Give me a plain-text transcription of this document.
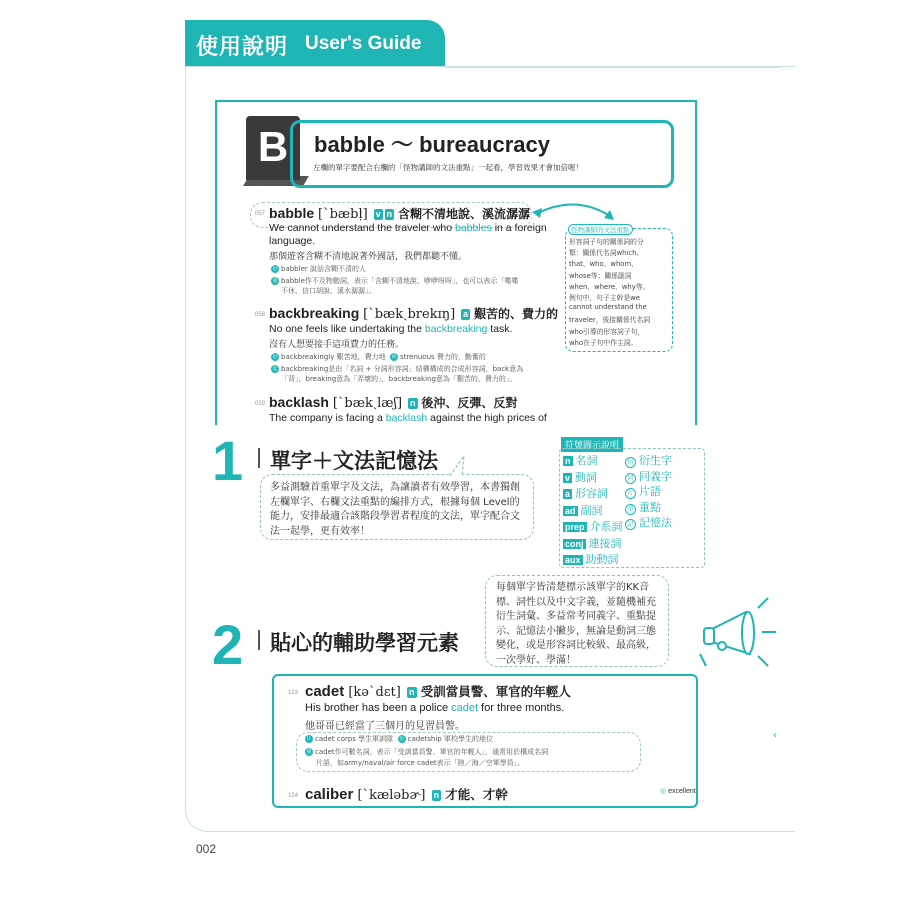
使用說明 User's Guide
B	babble ～ bureaucracy
左欄的單字要配合右欄的「怪物講師的文法重點」一起看，學習效果才會加倍喔！
057 babble [ˋbæbḷ] v n 含糊不清地說、溪流潺潺
We cannot understand the traveler who babbles in a foreign
language.
那個遊客含糊不清地說著外國話，我們都聽不懂。
衍 babbler 說話含糊不清的人
重 babble作不及物動詞，表示「含糊不清地說、咿咿呀呀」，也可以表示「喋喋
不休、信口胡說、溪水潺潺」。
058 backbreaking [ˋbækˏbrekɪŋ] a 艱苦的、費力的
No one feels like undertaking the backbreaking task.
沒有人想要接手這項費力的任務。
衍 backbreakingly 艱苦地，費力地 同 strenuous 費力的，勤奮的
記 backbreaking是由「名詞 + 分詞形容詞」結構構成的合成形容詞，back意為
「背」，breaking意為「弄壞的」，backbreaking意為「艱苦的、費力的」。
059 backlash [ˋbækˏlæʃ] n 後沖、反彈、反對
The company is facing a backlash against the high prices of
怪物講師的文法重點
形容詞子句的關係詞的分
類：關係代名詞which、
that、who、whom、
whose等；關係副詞
when、where、why等。
例句中，句子主幹是we
cannot understand the
traveler，後接關係代名詞
who引導的形容詞子句，
who在子句中作主詞。
1 單字＋文法記憶法
多益測驗首重單字及文法，為讓讀者有效學習，本書獨創
左欄單字、右欄文法重點的編排方式，根據每個 Level的
能力，安排最適合該階段學習者程度的文法，單字配合文
法一起學，更有效率！
符號圖示說明
n 名詞
v 動詞
a 形容詞
ad 副詞
prep 介系詞
conj 連接詞
aux 助動詞
衍 衍生字
同 同義字
片 片語
重 重點
記 記憶法
每個單字皆清楚標示該單字的KK音
標、詞性以及中文字義，並隨機補充
衍生詞彙、多益常考同義字、重點提
示、記憶法小撇步，無論是動詞三態
變化，或是形容詞比較級、最高級，
一次學好、學滿！
2 貼心的輔助學習元素
123 cadet [kəˋdɛt] n 受訓當員警、軍官的年輕人
His brother has been a police cadet for three months.
他哥哥已經當了三個月的見習員警。
片 cadet corps 學生軍訓隊 衍 cadetship 軍校學生的地位
重 cadet作可數名詞，表示「受訓當員警、軍官的年輕人」，通常用於構成名詞
片語，如army/naval/air force cadet表示「陸／海／空軍學員」。
124 caliber [ˋkæləbɚ] n 才能、才幹	◎ excellent
‹
002
